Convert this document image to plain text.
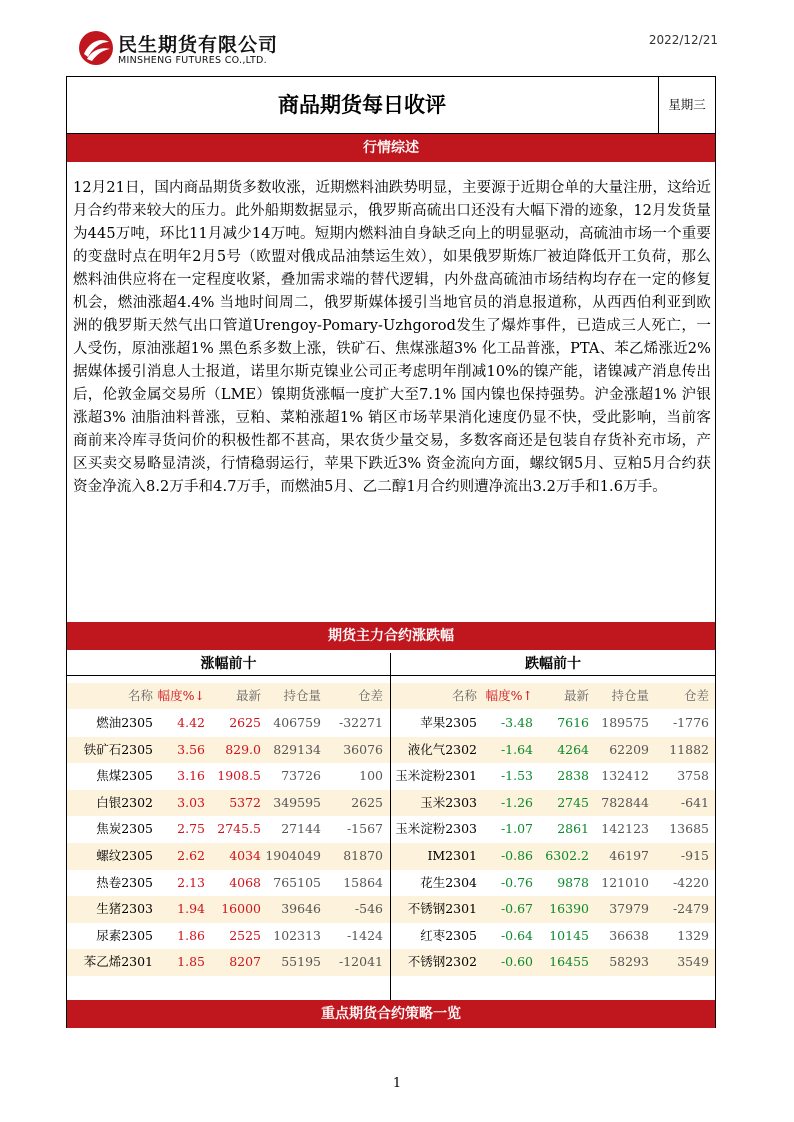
民生期货有限公司
MINSHENG FUTURES CO.,LTD.
2022/12/21
商品期货每日收评	星期三
行情综述
12月21日，国内商品期货多数收涨，近期燃料油跌势明显，主要源于近期仓单的大量注册，这给近月合约带来较大的压力。此外船期数据显示，俄罗斯高硫出口还没有大幅下滑的迹象，12月发货量为445万吨，环比11月减少14万吨。短期内燃料油自身缺乏向上的明显驱动，高硫油市场一个重要的变盘时点在明年2月5号（欧盟对俄成品油禁运生效），如果俄罗斯炼厂被迫降低开工负荷，那么燃料油供应将在一定程度收紧，叠加需求端的替代逻辑，内外盘高硫油市场结构均存在一定的修复机会，燃油涨超4.4% 当地时间周二，俄罗斯媒体援引当地官员的消息报道称，从西西伯利亚到欧洲的俄罗斯天然气出口管道Urengoy-Pomary-Uzhgorod发生了爆炸事件，已造成三人死亡，一人受伤，原油涨超1% 黑色系多数上涨，铁矿石、焦煤涨超3% 化工品普涨，PTA、苯乙烯涨近2% 据媒体援引消息人士报道，诺里尔斯克镍业公司正考虑明年削减10%的镍产能，诸镍减产消息传出后，伦敦金属交易所（LME）镍期货涨幅一度扩大至7.1% 国内镍也保持强势。沪金涨超1% 沪银涨超3% 油脂油料普涨，豆粕、菜粕涨超1% 销区市场苹果消化速度仍显不快，受此影响，当前客商前来冷库寻货问价的积极性都不甚高，果农货少量交易，多数客商还是包装自存货补充市场，产区买卖交易略显清淡，行情稳弱运行，苹果下跌近3% 资金流向方面，螺纹钢5月、豆粕5月合约获资金净流入8.2万手和4.7万手，而燃油5月、乙二醇1月合约则遭净流出3.2万手和1.6万手。
期货主力合约涨跌幅
涨幅前十	跌幅前十
名称 幅度%↓	最新	持仓量	仓差
燃油2305	4.42	2625 406759	-32271
铁矿石2305	3.56	829.0 829134	36076
焦煤2305	3.16 1908.5	73726	100
白银2302	3.03	5372 349595	2625
焦炭2305	2.75 2745.5	27144	-1567
螺纹2305	2.62	4034 1904049	81870
热卷2305	2.13	4068 765105	15864
生猪2303	1.94	16000	39646	-546
尿素2305	1.86	2525 102313	-1424
苯乙烯2301	1.85	8207	55195	-12041
名称 幅度%↑	最新	持仓量	仓差
苹果2305	-3.48	7616 189575	-1776
液化气2302	-1.64	4264	62209	11882
玉米淀粉2301	-1.53	2838 132412	3758
玉米2303	-1.26	2745 782844	-641
玉米淀粉2303	-1.07	2861 142123	13685
IM2301	-0.86 6302.2	46197	-915
花生2304	-0.76	9878 121010	-4220
不锈钢2301	-0.67	16390	37979	-2479
红枣2305	-0.64	10145	36638	1329
不锈钢2302	-0.60	16455	58293	3549
重点期货合约策略一览
1
